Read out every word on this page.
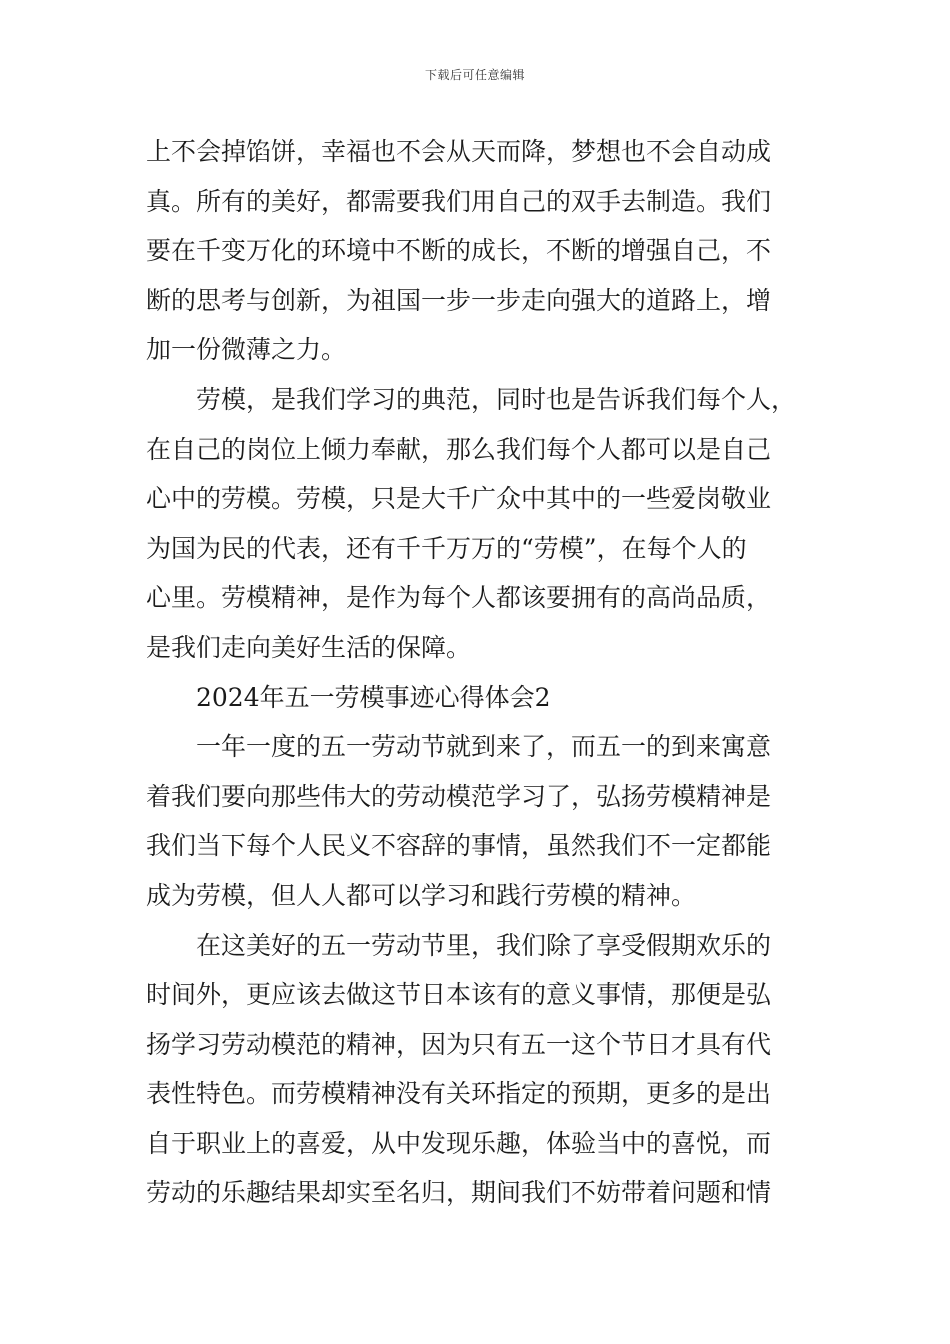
下载后可任意编辑
上不会掉馅饼，幸福也不会从天而降，梦想也不会自动成
真。所有的美好，都需要我们用自己的双手去制造。我们
要在千变万化的环境中不断的成长，不断的增强自己，不
断的思考与创新，为祖国一步一步走向强大的道路上，增
加一份微薄之力。
劳模，是我们学习的典范，同时也是告诉我们每个人，
在自己的岗位上倾力奉献，那么我们每个人都可以是自己
心中的劳模。劳模，只是大千广众中其中的一些爱岗敬业
为国为民的代表，还有千千万万的“劳模”，在每个人的
心里。劳模精神，是作为每个人都该要拥有的高尚品质，
是我们走向美好生活的保障。
2024年五一劳模事迹心得体会2
一年一度的五一劳动节就到来了，而五一的到来寓意
着我们要向那些伟大的劳动模范学习了，弘扬劳模精神是
我们当下每个人民义不容辞的事情，虽然我们不一定都能
成为劳模，但人人都可以学习和践行劳模的精神。
在这美好的五一劳动节里，我们除了享受假期欢乐的
时间外，更应该去做这节日本该有的意义事情，那便是弘
扬学习劳动模范的精神，因为只有五一这个节日才具有代
表性特色。而劳模精神没有关环指定的预期，更多的是出
自于职业上的喜爱，从中发现乐趣，体验当中的喜悦，而
劳动的乐趣结果却实至名归，期间我们不妨带着问题和情
